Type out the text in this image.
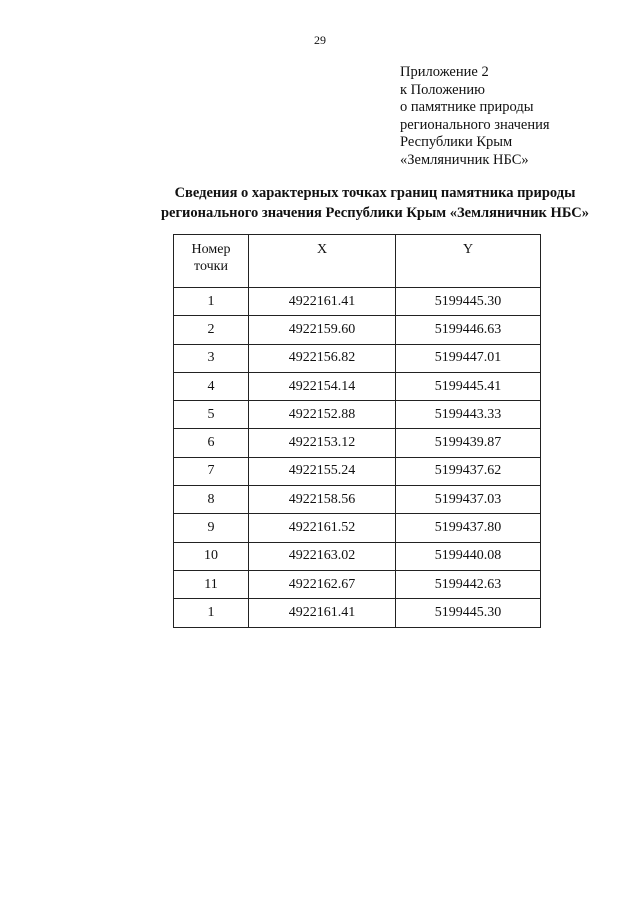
29
Приложение 2
к Положению
о памятнике природы
регионального значения
Республики Крым
«Земляничник НБС»
Сведения о характерных точках границ памятника природы
регионального значения Республики Крым «Земляничник НБС»
Номер
точки	X	Y
1	4922161.41	5199445.30
2	4922159.60	5199446.63
3	4922156.82	5199447.01
4	4922154.14	5199445.41
5	4922152.88	5199443.33
6	4922153.12	5199439.87
7	4922155.24	5199437.62
8	4922158.56	5199437.03
9	4922161.52	5199437.80
10	4922163.02	5199440.08
11	4922162.67	5199442.63
1	4922161.41	5199445.30
